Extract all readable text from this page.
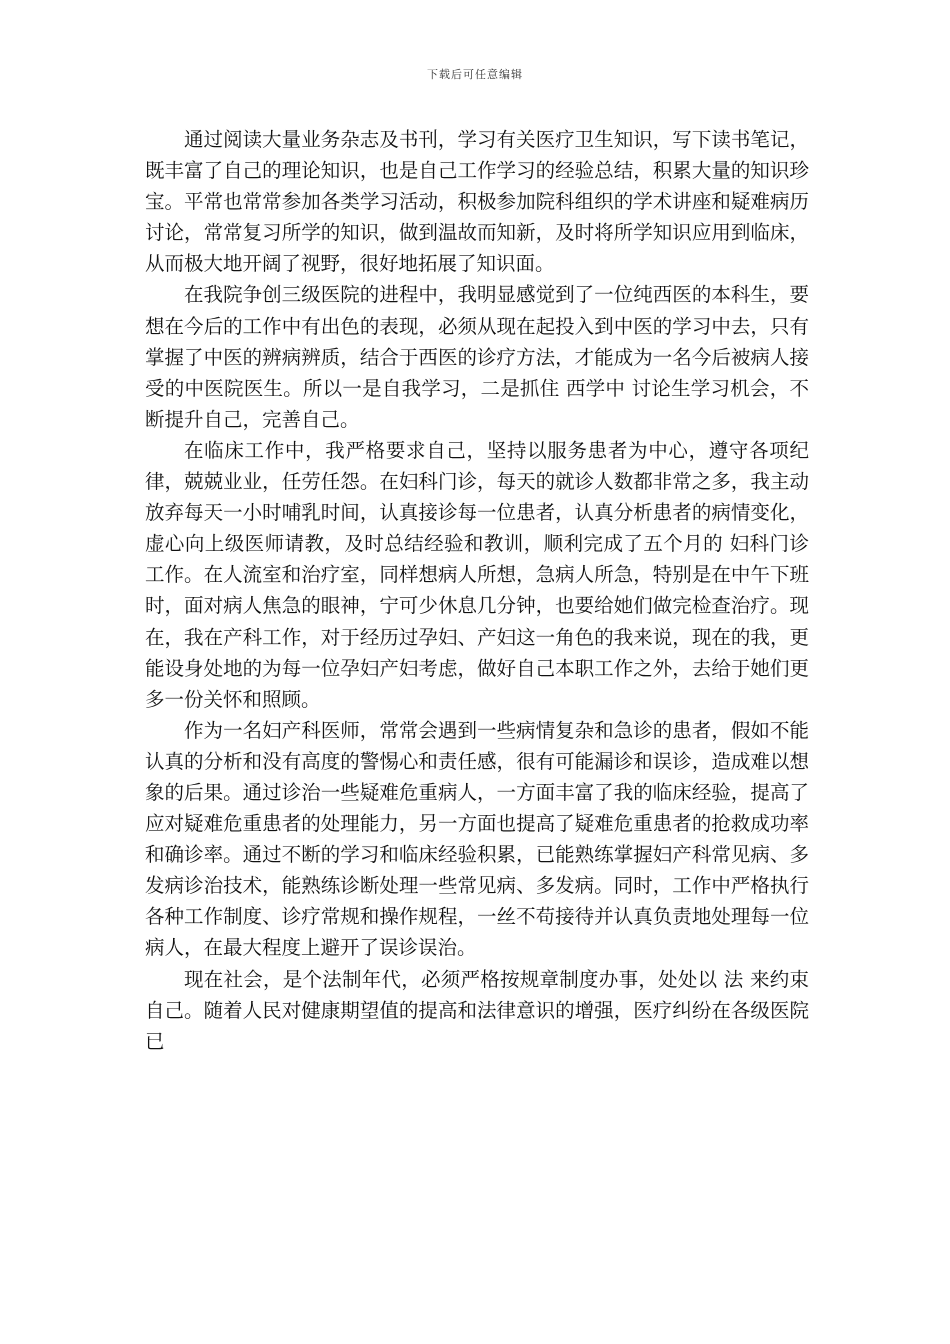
下载后可任意编辑

通过阅读大量业务杂志及书刊，学习有关医疗卫生知识，写下读书笔记，既丰富了自己的理论知识，也是自己工作学习的经验总结，积累大量的知识珍宝。平常也常常参加各类学习活动，积极参加院科组织的学术讲座和疑难病历讨论，常常复习所学的知识，做到温故而知新，及时将所学知识应用到临床，从而极大地开阔了视野，很好地拓展了知识面。

在我院争创三级医院的进程中，我明显感觉到了一位纯西医的本科生，要想在今后的工作中有出色的表现，必须从现在起投入到中医的学习中去，只有掌握了中医的辨病辨质，结合于西医的诊疗方法，才能成为一名今后被病人接受的中医院医生。所以一是自我学习，二是抓住 西学中 讨论生学习机会，不断提升自己，完善自己。

在临床工作中，我严格要求自己，坚持以服务患者为中心，遵守各项纪律，兢兢业业，任劳任怨。在妇科门诊，每天的就诊人数都非常之多，我主动放弃每天一小时哺乳时间，认真接诊每一位患者，认真分析患者的病情变化，虚心向上级医师请教，及时总结经验和教训，顺利完成了五个月的 妇科门诊工作。在人流室和治疗室，同样想病人所想，急病人所急，特别是在中午下班时，面对病人焦急的眼神，宁可少休息几分钟，也要给她们做完检查治疗。现在，我在产科工作，对于经历过孕妇、产妇这一角色的我来说，现在的我，更能设身处地的为每一位孕妇产妇考虑，做好自己本职工作之外，去给于她们更多一份关怀和照顾。

作为一名妇产科医师，常常会遇到一些病情复杂和急诊的患者，假如不能认真的分析和没有高度的警惕心和责任感，很有可能漏诊和误诊，造成难以想象的后果。通过诊治一些疑难危重病人，一方面丰富了我的临床经验，提高了应对疑难危重患者的处理能力，另一方面也提高了疑难危重患者的抢救成功率和确诊率。通过不断的学习和临床经验积累，已能熟练掌握妇产科常见病、多发病诊治技术，能熟练诊断处理一些常见病、多发病。同时，工作中严格执行各种工作制度、诊疗常规和操作规程，一丝不苟接待并认真负责地处理每一位病人，在最大程度上避开了误诊误治。

现在社会，是个法制年代，必须严格按规章制度办事，处处以 法 来约束自己。随着人民对健康期望值的提高和法律意识的增强，医疗纠纷在各级医院已
